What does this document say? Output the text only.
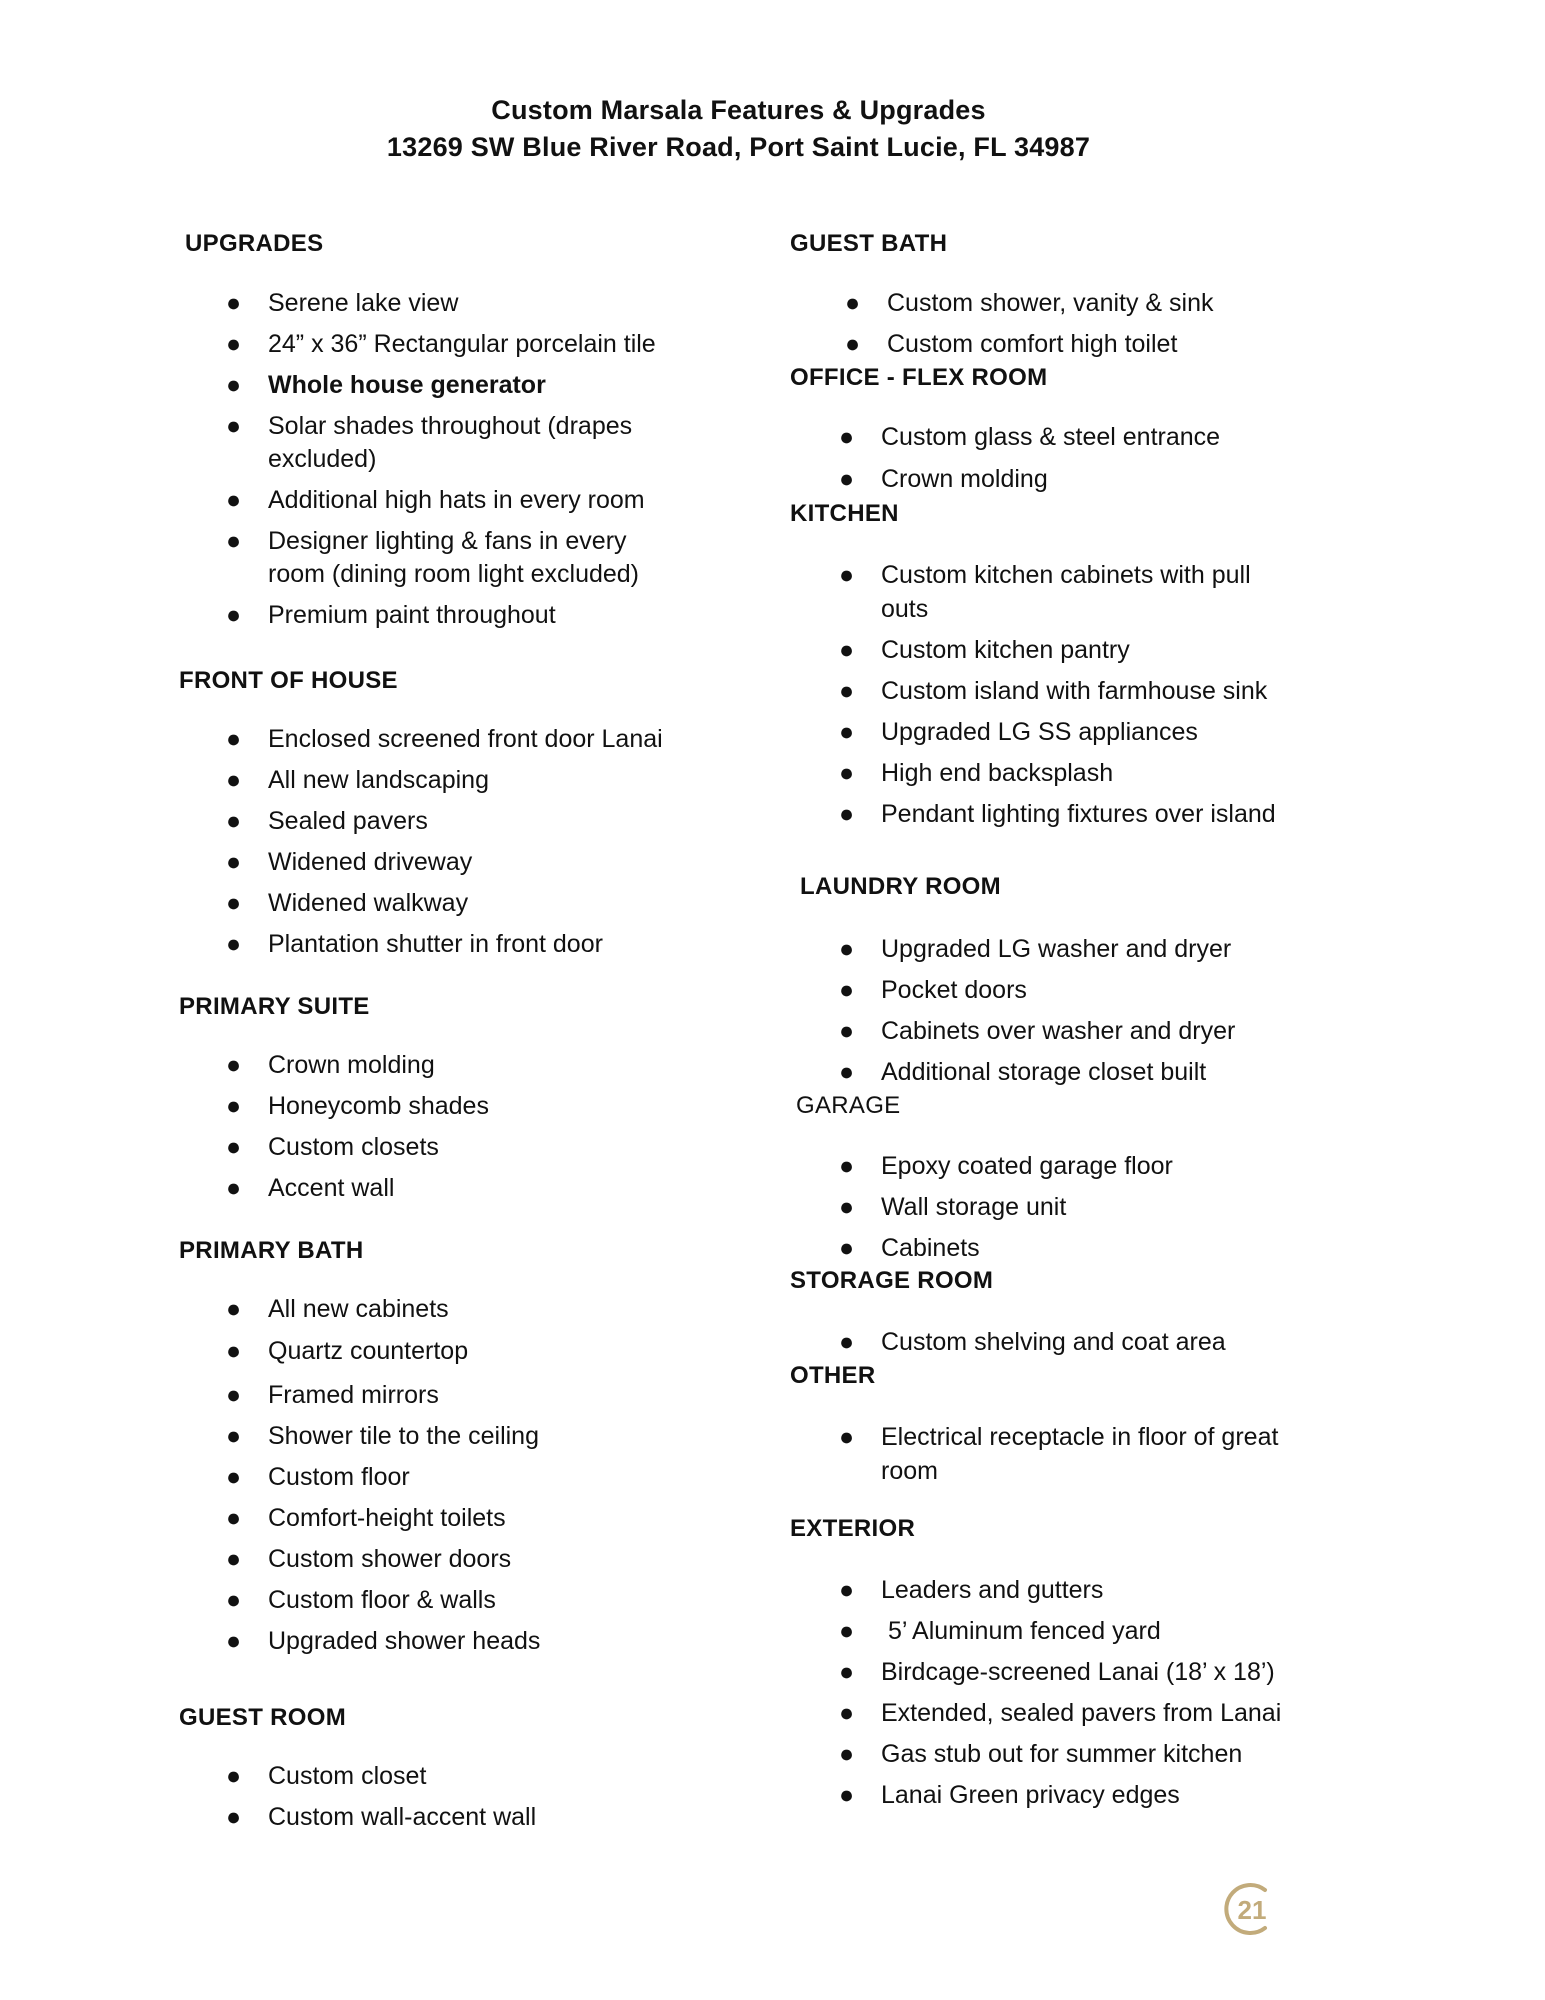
Custom Marsala Features & Upgrades
13269 SW Blue River Road, Port Saint Lucie, FL 34987
UPGRADES
● Serene lake view
● 24” x 36” Rectangular porcelain tile
● Whole house generator
● Solar shades throughout (drapes
excluded)
● Additional high hats in every room
● Designer lighting & fans in every
room (dining room light excluded)
● Premium paint throughout
FRONT OF HOUSE
● Enclosed screened front door Lanai
● All new landscaping
● Sealed pavers
● Widened driveway
● Widened walkway
● Plantation shutter in front door
PRIMARY SUITE
● Crown molding
● Honeycomb shades
● Custom closets
● Accent wall
PRIMARY BATH
● All new cabinets
● Quartz countertop
● Framed mirrors
● Shower tile to the ceiling
● Custom floor
● Comfort-height toilets
● Custom shower doors
● Custom floor & walls
● Upgraded shower heads
GUEST ROOM
● Custom closet
● Custom wall-accent wall
GUEST BATH
● Custom shower, vanity & sink
● Custom comfort high toilet
OFFICE - FLEX ROOM
● Custom glass & steel entrance
● Crown molding
KITCHEN
● Custom kitchen cabinets with pull
outs
● Custom kitchen pantry
● Custom island with farmhouse sink
● Upgraded LG SS appliances
● High end backsplash
● Pendant lighting fixtures over island
LAUNDRY ROOM
● Upgraded LG washer and dryer
● Pocket doors
● Cabinets over washer and dryer
● Additional storage closet built
GARAGE
● Epoxy coated garage floor
● Wall storage unit
● Cabinets
STORAGE ROOM
● Custom shelving and coat area
OTHER
● Electrical receptacle in floor of great
room
EXTERIOR
● Leaders and gutters
● 5’ Aluminum fenced yard
● Birdcage-screened Lanai (18’ x 18’)
● Extended, sealed pavers from Lanai
● Gas stub out for summer kitchen
● Lanai Green privacy edges
21
